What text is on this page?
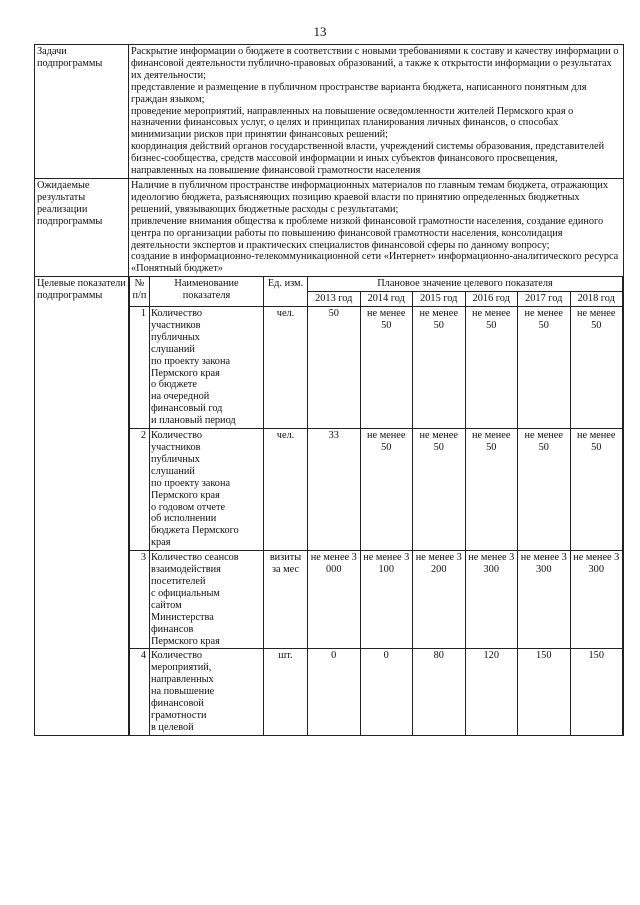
13
Задачи подпрограммы	
Раскрытие информации о бюджете в соответствии с новыми требованиями к составу и качеству информации о финансовой деятельности публично-правовых образований, а также к открытости информации о результатах их деятельности;
представление и размещение в публичном пространстве варианта бюджета, написанного понятным для граждан языком;
проведение мероприятий, направленных на повышение осведомленности жителей Пермского края о назначении финансовых услуг, о целях и принципах планирования личных финансов, о способах минимизации рисков при принятии финансовых решений;
координация действий органов государственной власти, учреждений системы образования, представителей бизнес-сообщества, средств массовой информации и иных субъектов финансового просвещения, направленных на повышение финансовой грамотности населения

Ожидаемые результаты реализации подпрограммы	
Наличие в публичном пространстве информационных материалов по главным темам бюджета, отражающих идеологию бюджета, разъясняющих позицию краевой власти по принятию определенных бюджетных решений, увязывающих бюджетные расходы с результатами;
привлечение внимания общества к проблеме низкой финансовой грамотности населения, создание единого центра по организации работы по повышению финансовой грамотности населения, консолидация деятельности экспертов и практических специалистов финансовой сферы по данному вопросу;
создание в информационно-телекоммуникационной сети «Интернет» информационно-аналитического ресурса «Понятный бюджет»

Целевые показатели подпрограммы	
№ п/п	Наименование показателя	Ед. изм.	Плановое значение целевого показателя
2013 год	2014 год	2015 год	2016 год	2017 год	2018 год
1	Количество
участников
публичных
слушаний
по проекту закона
Пермского края
о бюджете
на очередной
финансовый год
и плановый период
	чел.	50	не менее 50	не менее 50	не менее 50	не менее 50	не менее 50
2	Количество
участников
публичных
слушаний
по проекту закона
Пермского края
о годовом отчете
об исполнении
бюджета Пермского
края
	чел.	33	не менее 50	не менее 50	не менее 50	не менее 50	не менее 50
3	Количество сеансов
взаимодействия
посетителей
с официальным
сайтом
Министерства
финансов
Пермского края
	визиты за мес	не менее 3 000	не менее 3 100	не менее 3 200	не менее 3 300	не менее 3 300	не менее 3 300
4	Количество
мероприятий,
направленных
на повышение
финансовой
грамотности
в целевой
	шт.	0	0	80	120	150	150
